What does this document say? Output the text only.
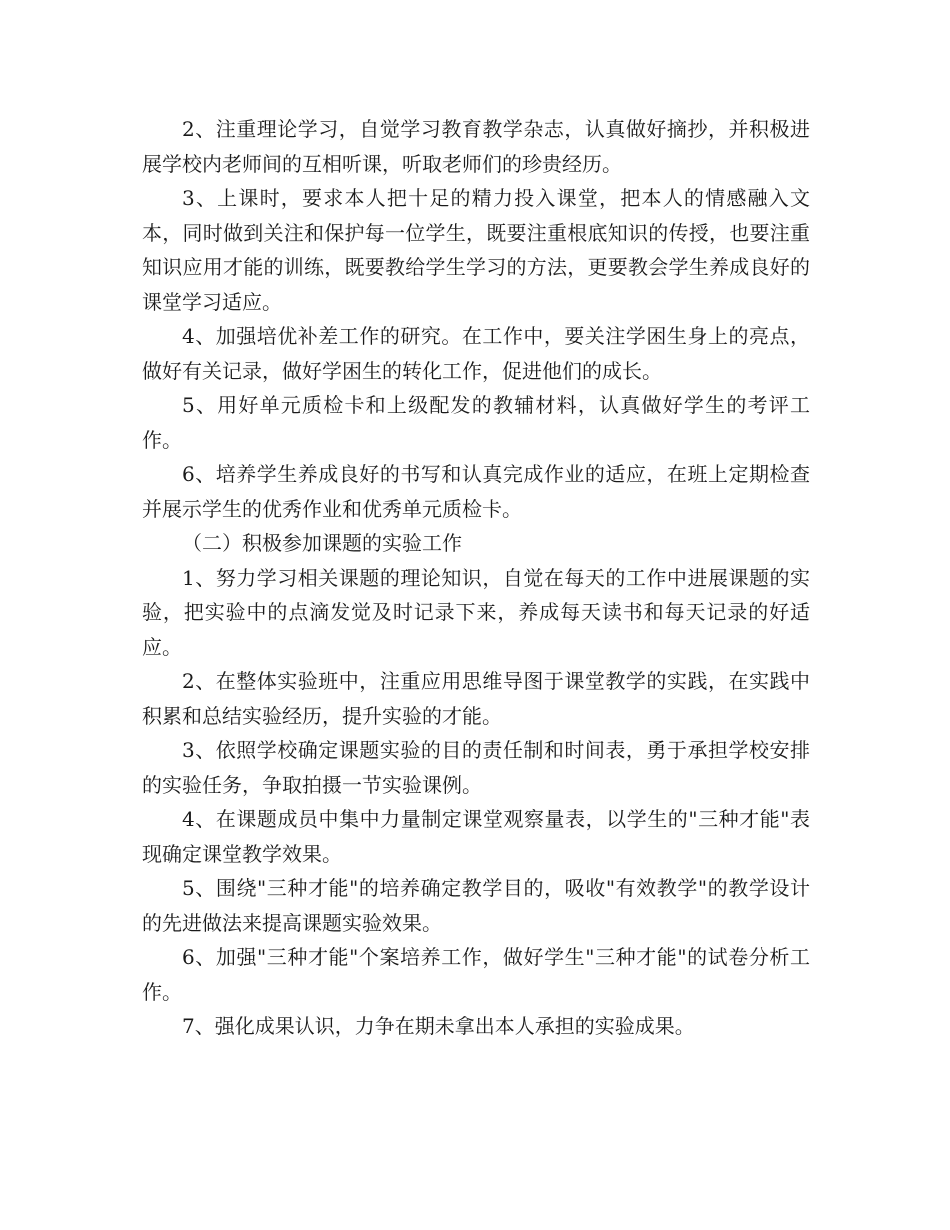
2、注重理论学习，自觉学习教育教学杂志，认真做好摘抄，并积极进展学校内老师间的互相听课，听取老师们的珍贵经历。

3、上课时，要求本人把十足的精力投入课堂，把本人的情感融入文本，同时做到关注和保护每一位学生，既要注重根底知识的传授，也要注重知识应用才能的训练，既要教给学生学习的方法，更要教会学生养成良好的课堂学习适应。

4、加强培优补差工作的研究。在工作中，要关注学困生身上的亮点，做好有关记录，做好学困生的转化工作，促进他们的成长。

5、用好单元质检卡和上级配发的教辅材料，认真做好学生的考评工作。

6、培养学生养成良好的书写和认真完成作业的适应，在班上定期检查并展示学生的优秀作业和优秀单元质检卡。

（二）积极参加课题的实验工作

1、努力学习相关课题的理论知识，自觉在每天的工作中进展课题的实验，把实验中的点滴发觉及时记录下来，养成每天读书和每天记录的好适应。

2、在整体实验班中，注重应用思维导图于课堂教学的实践，在实践中积累和总结实验经历，提升实验的才能。

3、依照学校确定课题实验的目的责任制和时间表，勇于承担学校安排的实验任务，争取拍摄一节实验课例。

4、在课题成员中集中力量制定课堂观察量表，以学生的"三种才能"表现确定课堂教学效果。

5、围绕"三种才能"的培养确定教学目的，吸收"有效教学"的教学设计的先进做法来提高课题实验效果。

6、加强"三种才能"个案培养工作，做好学生"三种才能"的试卷分析工作。

7、强化成果认识，力争在期未拿出本人承担的实验成果。
